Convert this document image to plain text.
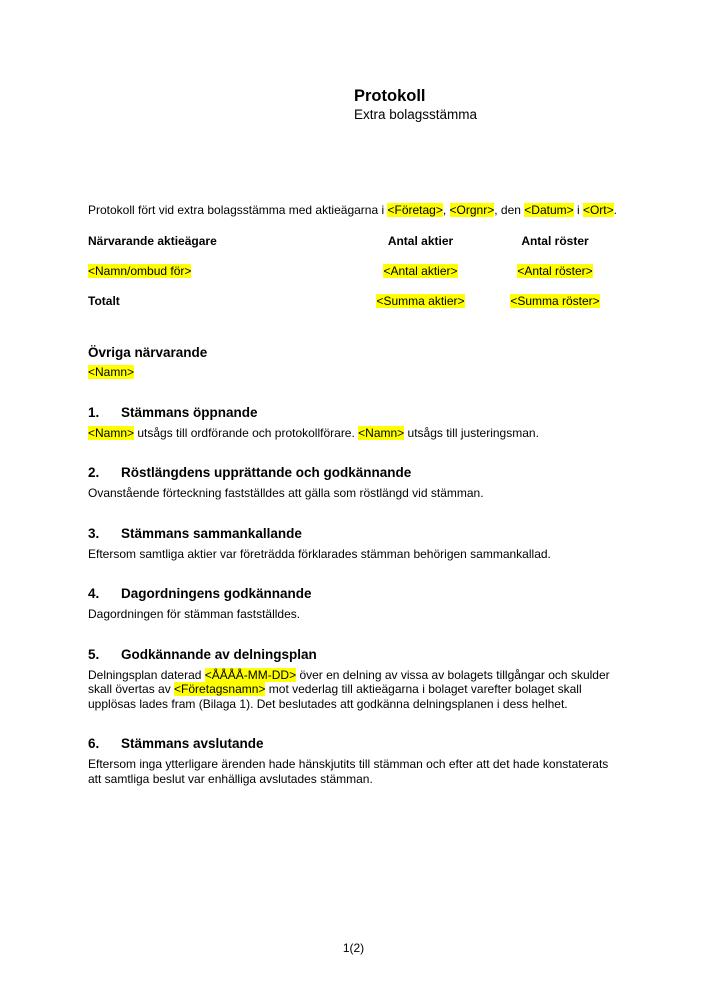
Protokoll
Extra bolagsstämma

Protokoll fört vid extra bolagsstämma med aktieägarna i <Företag>, <Orgnr>, den <Datum> i <Ort>.

Närvarande aktieägare	Antal aktier	Antal röster
<Namn/ombud för>	<Antal aktier>	<Antal röster>
Totalt	<Summa aktier>	<Summa röster>
Övriga närvarande
<Namn>
1.	Stämmans öppnande

<Namn> utsågs till ordförande och protokollförare. <Namn> utsågs till justeringsman.

2.	Röstlängdens upprättande och godkännande

Ovanstående förteckning fastställdes att gälla som röstlängd vid stämman.

3.	Stämmans sammankallande

Eftersom samtliga aktier var företrädda förklarades stämman behörigen sammankallad.

4.	Dagordningens godkännande

Dagordningen för stämman fastställdes.

5.	Godkännande av delningsplan

Delningsplan daterad <ÅÅÅÅ-MM-DD> över en delning av vissa av bolagets tillgångar och skulder skall övertas av <Företagsnamn> mot vederlag till aktieägarna i bolaget varefter bolaget skall upplösas lades fram (Bilaga 1). Det beslutades att godkänna delningsplanen i dess helhet.

6.	Stämmans avslutande

Eftersom inga ytterligare ärenden hade hänskjutits till stämman och efter att det hade konstaterats att samtliga beslut var enhälliga avslutades stämman.

1(2)
